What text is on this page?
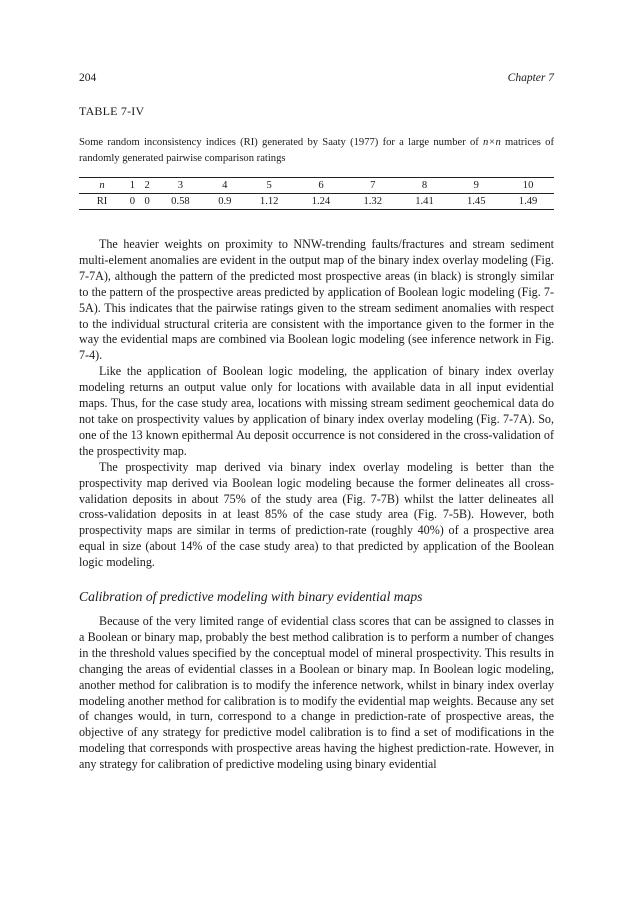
204	Chapter 7
TABLE 7-IV
Some random inconsistency indices (RI) generated by Saaty (1977) for a large number of n×n matrices of randomly generated pairwise comparison ratings
n	1	2	3	4	5	6	7	8	9	10
RI	0	0	0.58	0.9	1.12	1.24	1.32	1.41	1.45	1.49

The heavier weights on proximity to NNW-trending faults/fractures and stream sediment multi-element anomalies are evident in the output map of the binary index overlay modeling (Fig. 7-7A), although the pattern of the predicted most prospective areas (in black) is strongly similar to the pattern of the prospective areas predicted by application of Boolean logic modeling (Fig. 7-5A). This indicates that the pairwise ratings given to the stream sediment anomalies with respect to the individual structural criteria are consistent with the importance given to the former in the way the evidential maps are combined via Boolean logic modeling (see inference network in Fig. 7-4).

Like the application of Boolean logic modeling, the application of binary index overlay modeling returns an output value only for locations with available data in all input evidential maps. Thus, for the case study area, locations with missing stream sediment geochemical data do not take on prospectivity values by application of binary index overlay modeling (Fig. 7-7A). So, one of the 13 known epithermal Au deposit occurrence is not considered in the cross-validation of the prospectivity map.

The prospectivity map derived via binary index overlay modeling is better than the prospectivity map derived via Boolean logic modeling because the former delineates all cross-validation deposits in about 75% of the study area (Fig. 7-7B) whilst the latter delineates all cross-validation deposits in at least 85% of the case study area (Fig. 7-5B). However, both prospectivity maps are similar in terms of prediction-rate (roughly 40%) of a prospective area equal in size (about 14% of the case study area) to that predicted by application of the Boolean logic modeling.

Calibration of predictive modeling with binary evidential maps

Because of the very limited range of evidential class scores that can be assigned to classes in a Boolean or binary map, probably the best method calibration is to perform a number of changes in the threshold values specified by the conceptual model of mineral prospectivity. This results in changing the areas of evidential classes in a Boolean or binary map. In Boolean logic modeling, another method for calibration is to modify the inference network, whilst in binary index overlay modeling another method for calibration is to modify the evidential map weights. Because any set of changes would, in turn, correspond to a change in prediction-rate of prospective areas, the objective of any strategy for predictive model calibration is to find a set of modifications in the modeling that corresponds with prospective areas having the highest prediction-rate. However, in any strategy for calibration of predictive modeling using binary evidential
